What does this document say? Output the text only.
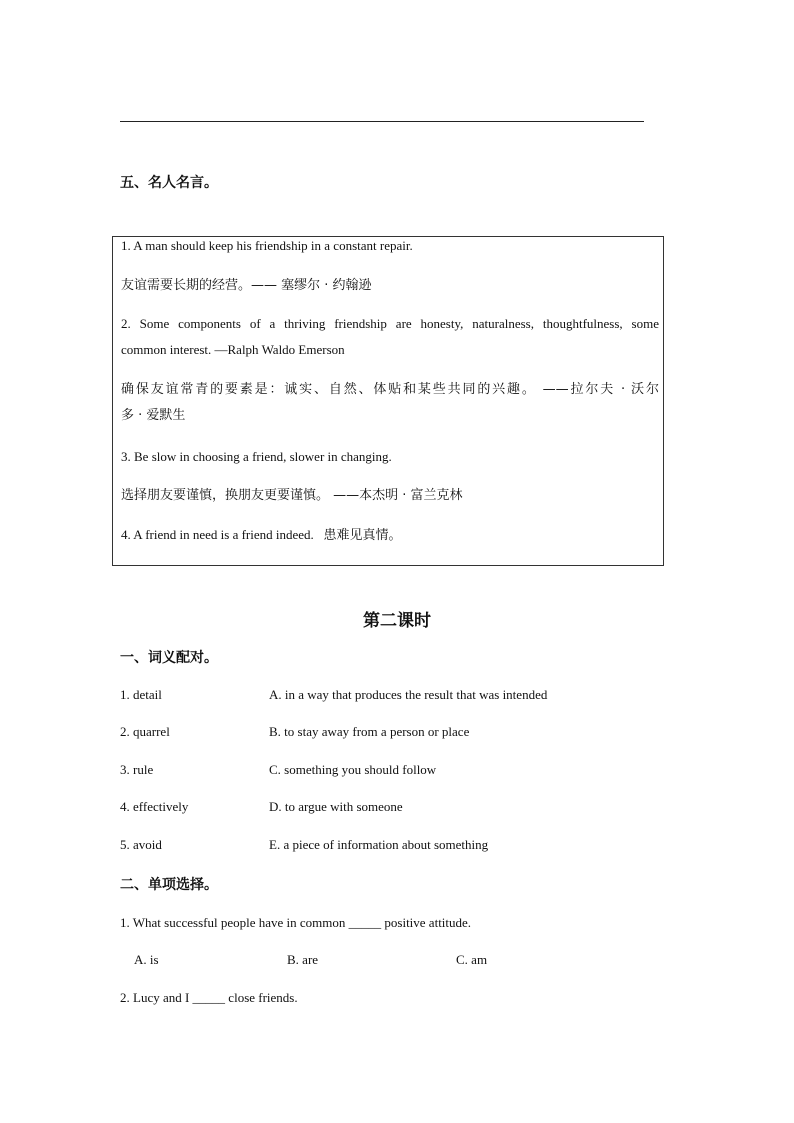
五、名人名言。
1. A man should keep his friendship in a constant repair.
友谊需要长期的经营。—— 塞缪尔 · 约翰逊
2. Some components of a thriving friendship are honesty, naturalness, thoughtfulness, some
common interest. —Ralph Waldo Emerson
确保友谊常青的要素是：诚实、自然、体贴和某些共同的兴趣。 ——拉尔夫 · 沃尔
多 · 爱默生
3. Be slow in choosing a friend, slower in changing.
选择朋友要谨慎，换朋友更要谨慎。 ——本杰明 · 富兰克林
4. A friend in need is a friend indeed. 患难见真情。
第二课时
一、词义配对。
1. detail	A. in a way that produces the result that was intended
2. quarrel	B. to stay away from a person or place
3. rule	C. something you should follow
4. effectively	D. to argue with someone
5. avoid	E. a piece of information about something
二、单项选择。
1. What successful people have in common _____ positive attitude.
A. is	B. are	C. am
2. Lucy and I _____ close friends.
